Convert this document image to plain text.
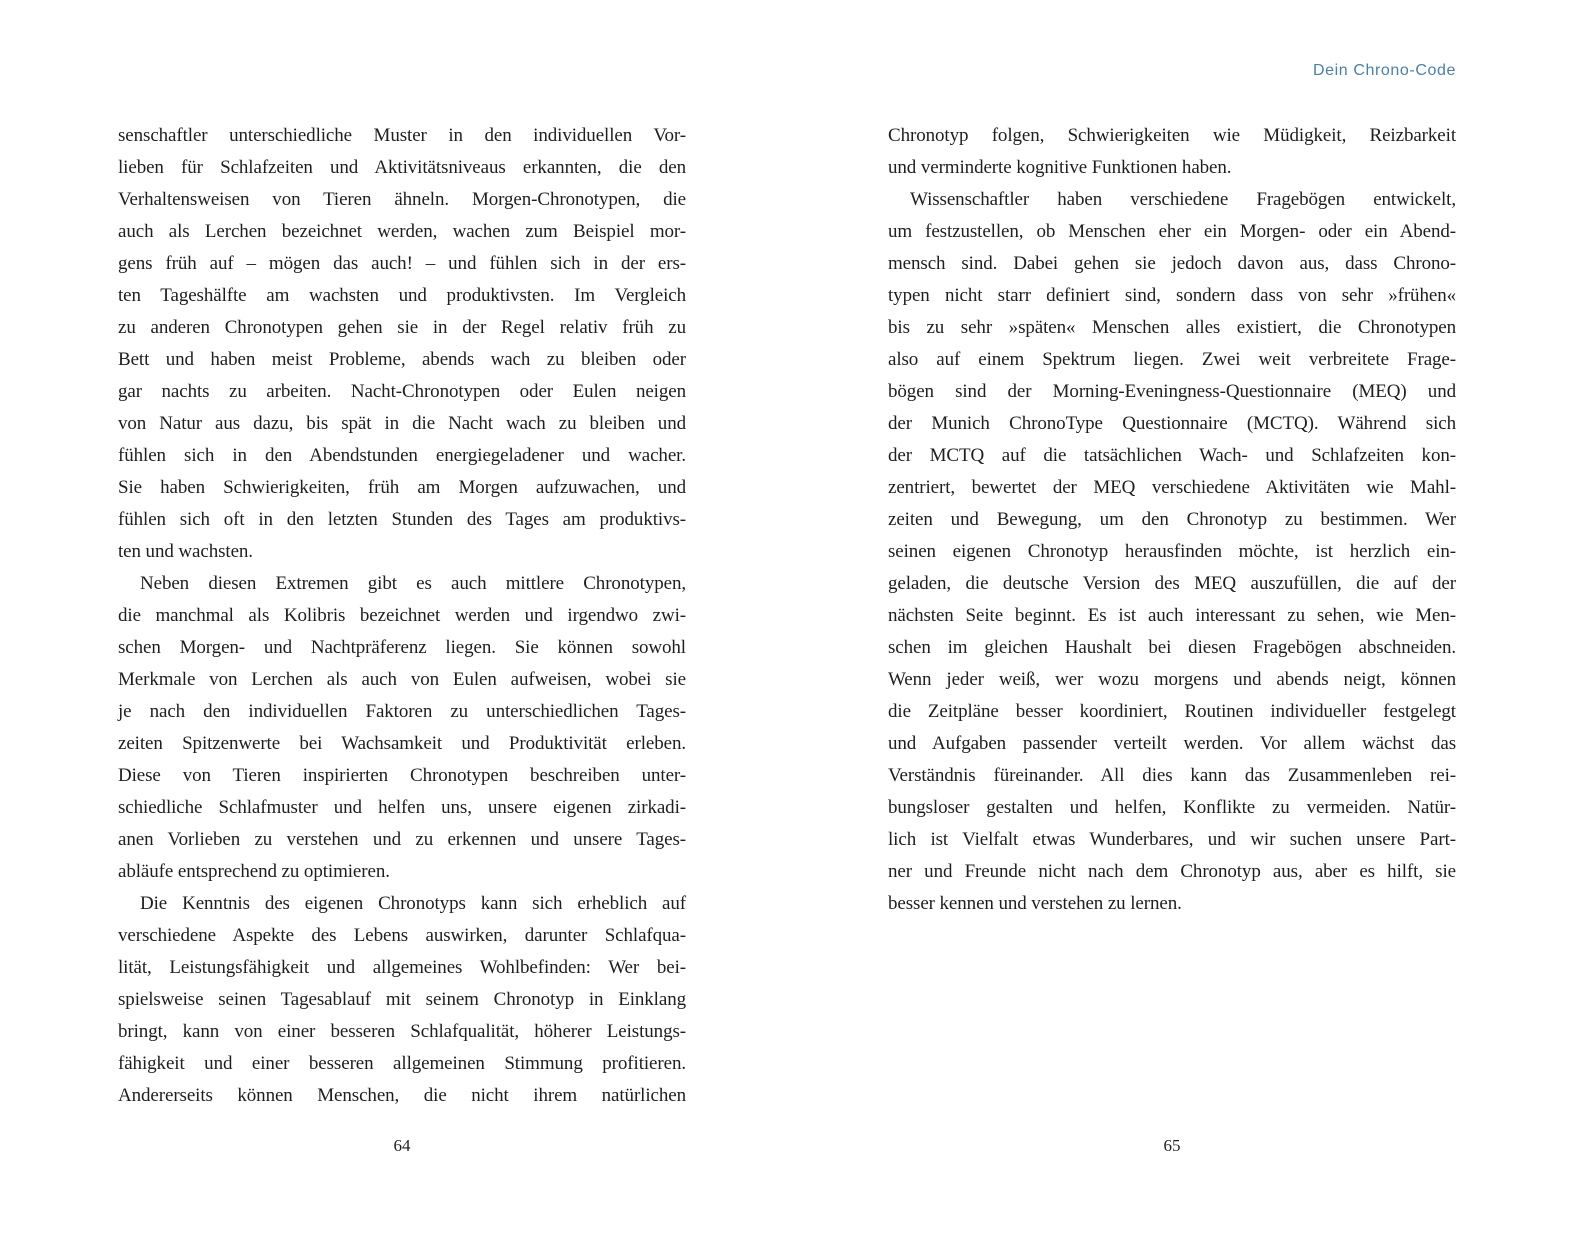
Dein Chrono-Code
senschaftler unterschiedliche Muster in den individuellen Vor-
lieben für Schlafzeiten und Aktivitätsniveaus erkannten, die den
Verhaltensweisen von Tieren ähneln. Morgen-Chronotypen, die
auch als Lerchen bezeichnet werden, wachen zum Beispiel mor-
gens früh auf – mögen das auch! – und fühlen sich in der ers-
ten Tageshälfte am wachsten und produktivsten. Im Vergleich
zu anderen Chronotypen gehen sie in der Regel relativ früh zu
Bett und haben meist Probleme, abends wach zu bleiben oder
gar nachts zu arbeiten. Nacht-Chronotypen oder Eulen neigen
von Natur aus dazu, bis spät in die Nacht wach zu bleiben und
fühlen sich in den Abendstunden energiegeladener und wacher.
Sie haben Schwierigkeiten, früh am Morgen aufzuwachen, und
fühlen sich oft in den letzten Stunden des Tages am produktivs-
ten und wachsten.
Neben diesen Extremen gibt es auch mittlere Chronotypen,
die manchmal als Kolibris bezeichnet werden und irgendwo zwi-
schen Morgen- und Nachtpräferenz liegen. Sie können sowohl
Merkmale von Lerchen als auch von Eulen aufweisen, wobei sie
je nach den individuellen Faktoren zu unterschiedlichen Tages-
zeiten Spitzenwerte bei Wachsamkeit und Produktivität erleben.
Diese von Tieren inspirierten Chronotypen beschreiben unter-
schiedliche Schlafmuster und helfen uns, unsere eigenen zirkadi-
anen Vorlieben zu verstehen und zu erkennen und unsere Tages-
abläufe entsprechend zu optimieren.
Die Kenntnis des eigenen Chronotyps kann sich erheblich auf
verschiedene Aspekte des Lebens auswirken, darunter Schlafqua-
lität, Leistungsfähigkeit und allgemeines Wohlbefinden: Wer bei-
spielsweise seinen Tagesablauf mit seinem Chronotyp in Einklang
bringt, kann von einer besseren Schlafqualität, höherer Leistungs-
fähigkeit und einer besseren allgemeinen Stimmung profitieren.
Andererseits können Menschen, die nicht ihrem natürlichen
Chronotyp folgen, Schwierigkeiten wie Müdigkeit, Reizbarkeit
und verminderte kognitive Funktionen haben.
Wissenschaftler haben verschiedene Fragebögen entwickelt,
um festzustellen, ob Menschen eher ein Morgen- oder ein Abend-
mensch sind. Dabei gehen sie jedoch davon aus, dass Chrono-
typen nicht starr definiert sind, sondern dass von sehr »frühen«
bis zu sehr »späten« Menschen alles existiert, die Chronotypen
also auf einem Spektrum liegen. Zwei weit verbreitete Frage-
bögen sind der Morning-Eveningness-Questionnaire (MEQ) und
der Munich ChronoType Questionnaire (MCTQ). Während sich
der MCTQ auf die tatsächlichen Wach- und Schlafzeiten kon-
zentriert, bewertet der MEQ verschiedene Aktivitäten wie Mahl-
zeiten und Bewegung, um den Chronotyp zu bestimmen. Wer
seinen eigenen Chronotyp herausfinden möchte, ist herzlich ein-
geladen, die deutsche Version des MEQ auszufüllen, die auf der
nächsten Seite beginnt. Es ist auch interessant zu sehen, wie Men-
schen im gleichen Haushalt bei diesen Fragebögen abschneiden.
Wenn jeder weiß, wer wozu morgens und abends neigt, können
die Zeitpläne besser koordiniert, Routinen individueller festgelegt
und Aufgaben passender verteilt werden. Vor allem wächst das
Verständnis füreinander. All dies kann das Zusammenleben rei-
bungsloser gestalten und helfen, Konflikte zu vermeiden. Natür-
lich ist Vielfalt etwas Wunderbares, und wir suchen unsere Part-
ner und Freunde nicht nach dem Chronotyp aus, aber es hilft, sie
besser kennen und verstehen zu lernen.
64	65
